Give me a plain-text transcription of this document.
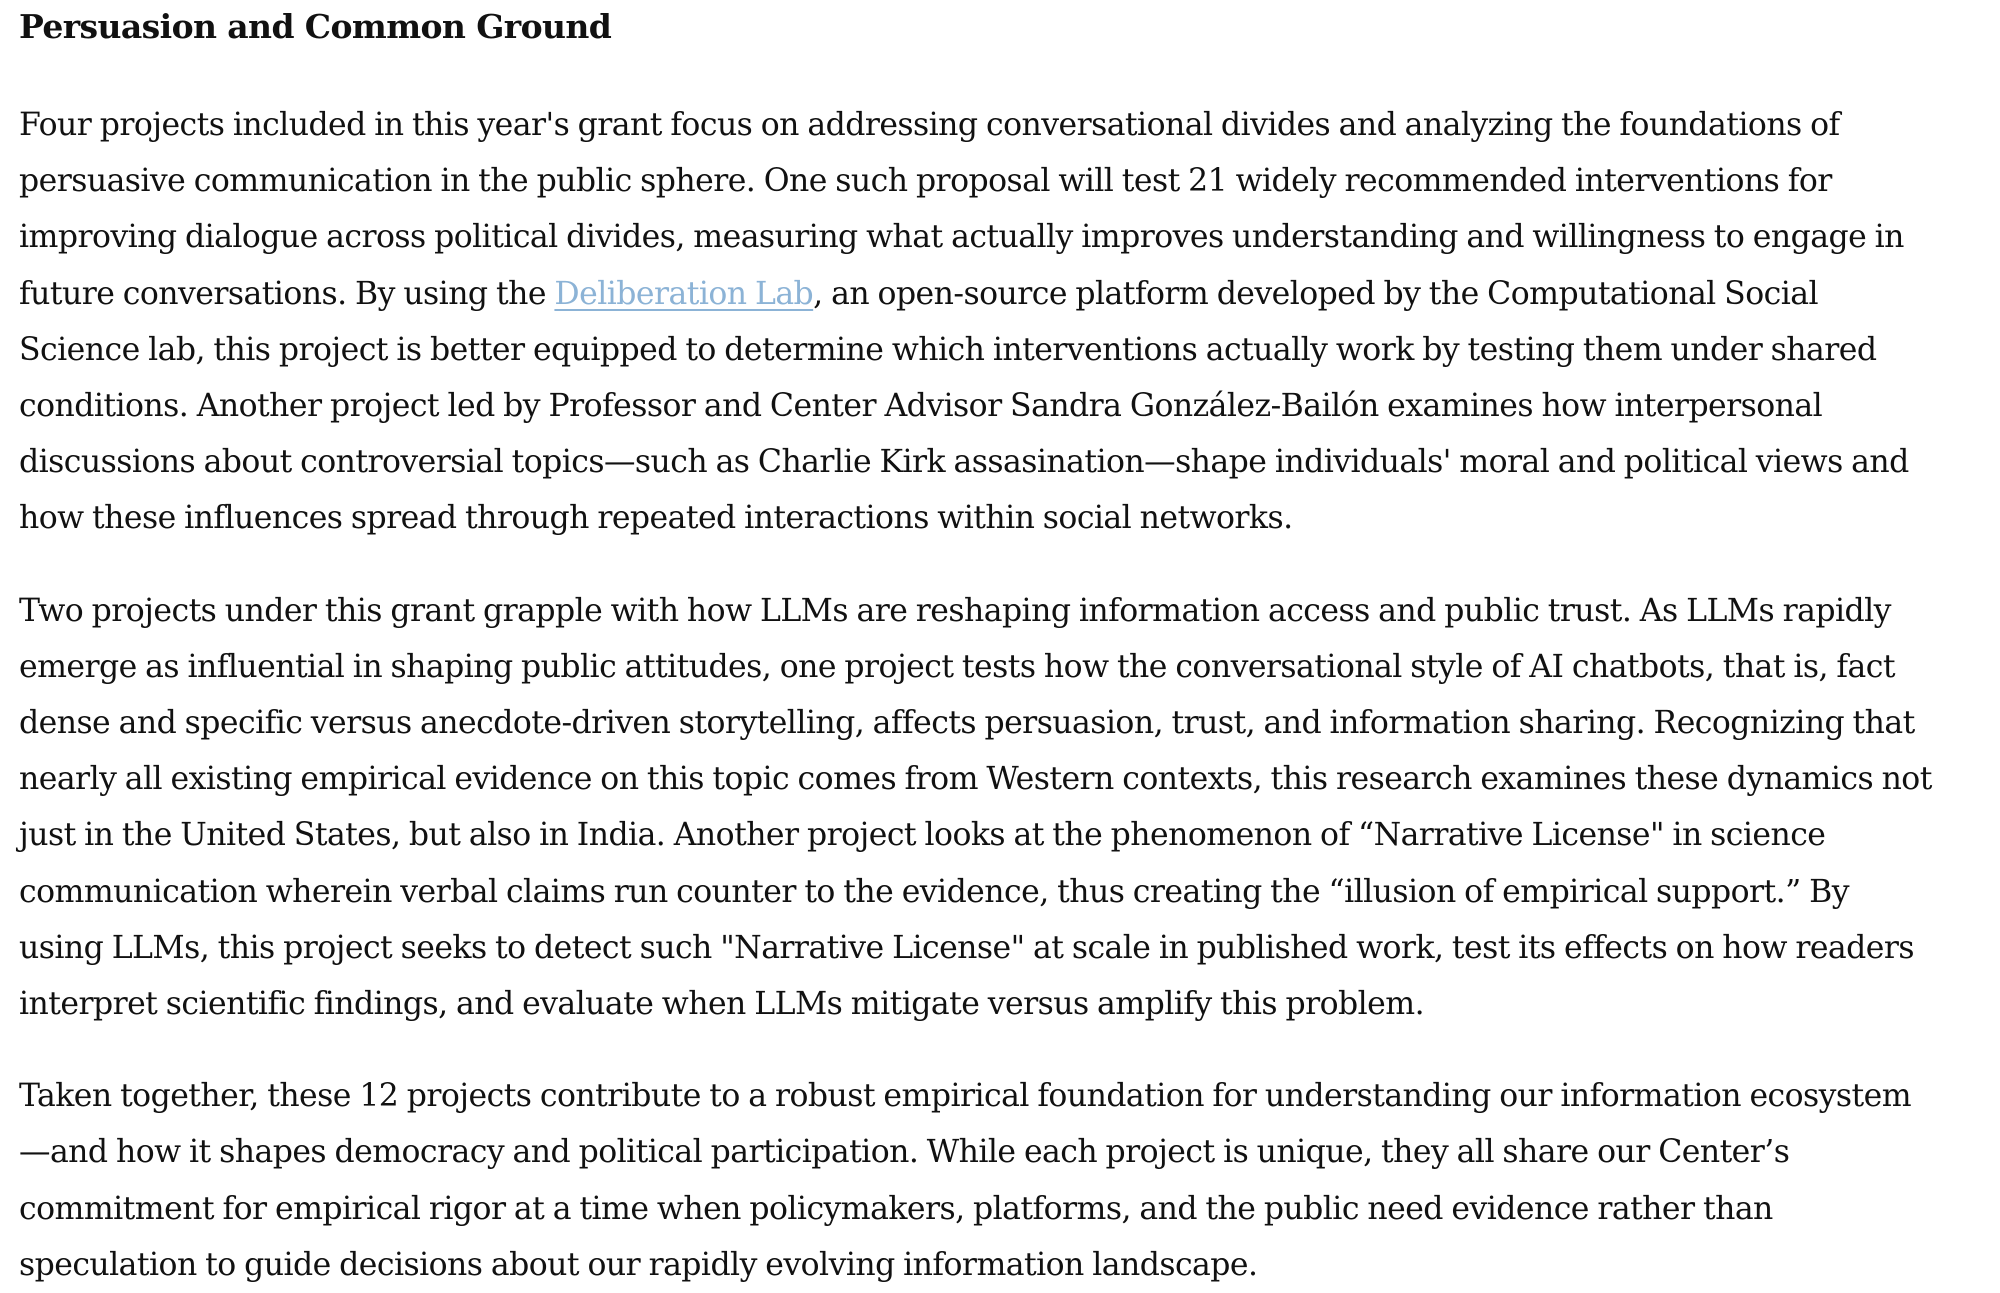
Persuasion and Common Ground

Four projects included in this year's grant focus on addressing conversational divides and analyzing the foundations of
persuasive communication in the public sphere. One such proposal will test 21 widely recommended interventions for
improving dialogue across political divides, measuring what actually improves understanding and willingness to engage in
future conversations. By using the Deliberation Lab, an open-source platform developed by the Computational Social
Science lab, this project is better equipped to determine which interventions actually work by testing them under shared
conditions. Another project led by Professor and Center Advisor Sandra González-Bailón examines how interpersonal
discussions about controversial topics—such as Charlie Kirk assasination—shape individuals' moral and political views and
how these influences spread through repeated interactions within social networks.

Two projects under this grant grapple with how LLMs are reshaping information access and public trust. As LLMs rapidly
emerge as influential in shaping public attitudes, one project tests how the conversational style of AI chatbots, that is, fact
dense and specific versus anecdote-driven storytelling, affects persuasion, trust, and information sharing. Recognizing that
nearly all existing empirical evidence on this topic comes from Western contexts, this research examines these dynamics not
just in the United States, but also in India. Another project looks at the phenomenon of “Narrative License" in science
communication wherein verbal claims run counter to the evidence, thus creating the “illusion of empirical support.” By
using LLMs, this project seeks to detect such "Narrative License" at scale in published work, test its effects on how readers
interpret scientific findings, and evaluate when LLMs mitigate versus amplify this problem.

Taken together, these 12 projects contribute to a robust empirical foundation for understanding our information ecosystem
—and how it shapes democracy and political participation. While each project is unique, they all share our Center’s
commitment for empirical rigor at a time when policymakers, platforms, and the public need evidence rather than
speculation to guide decisions about our rapidly evolving information landscape.
